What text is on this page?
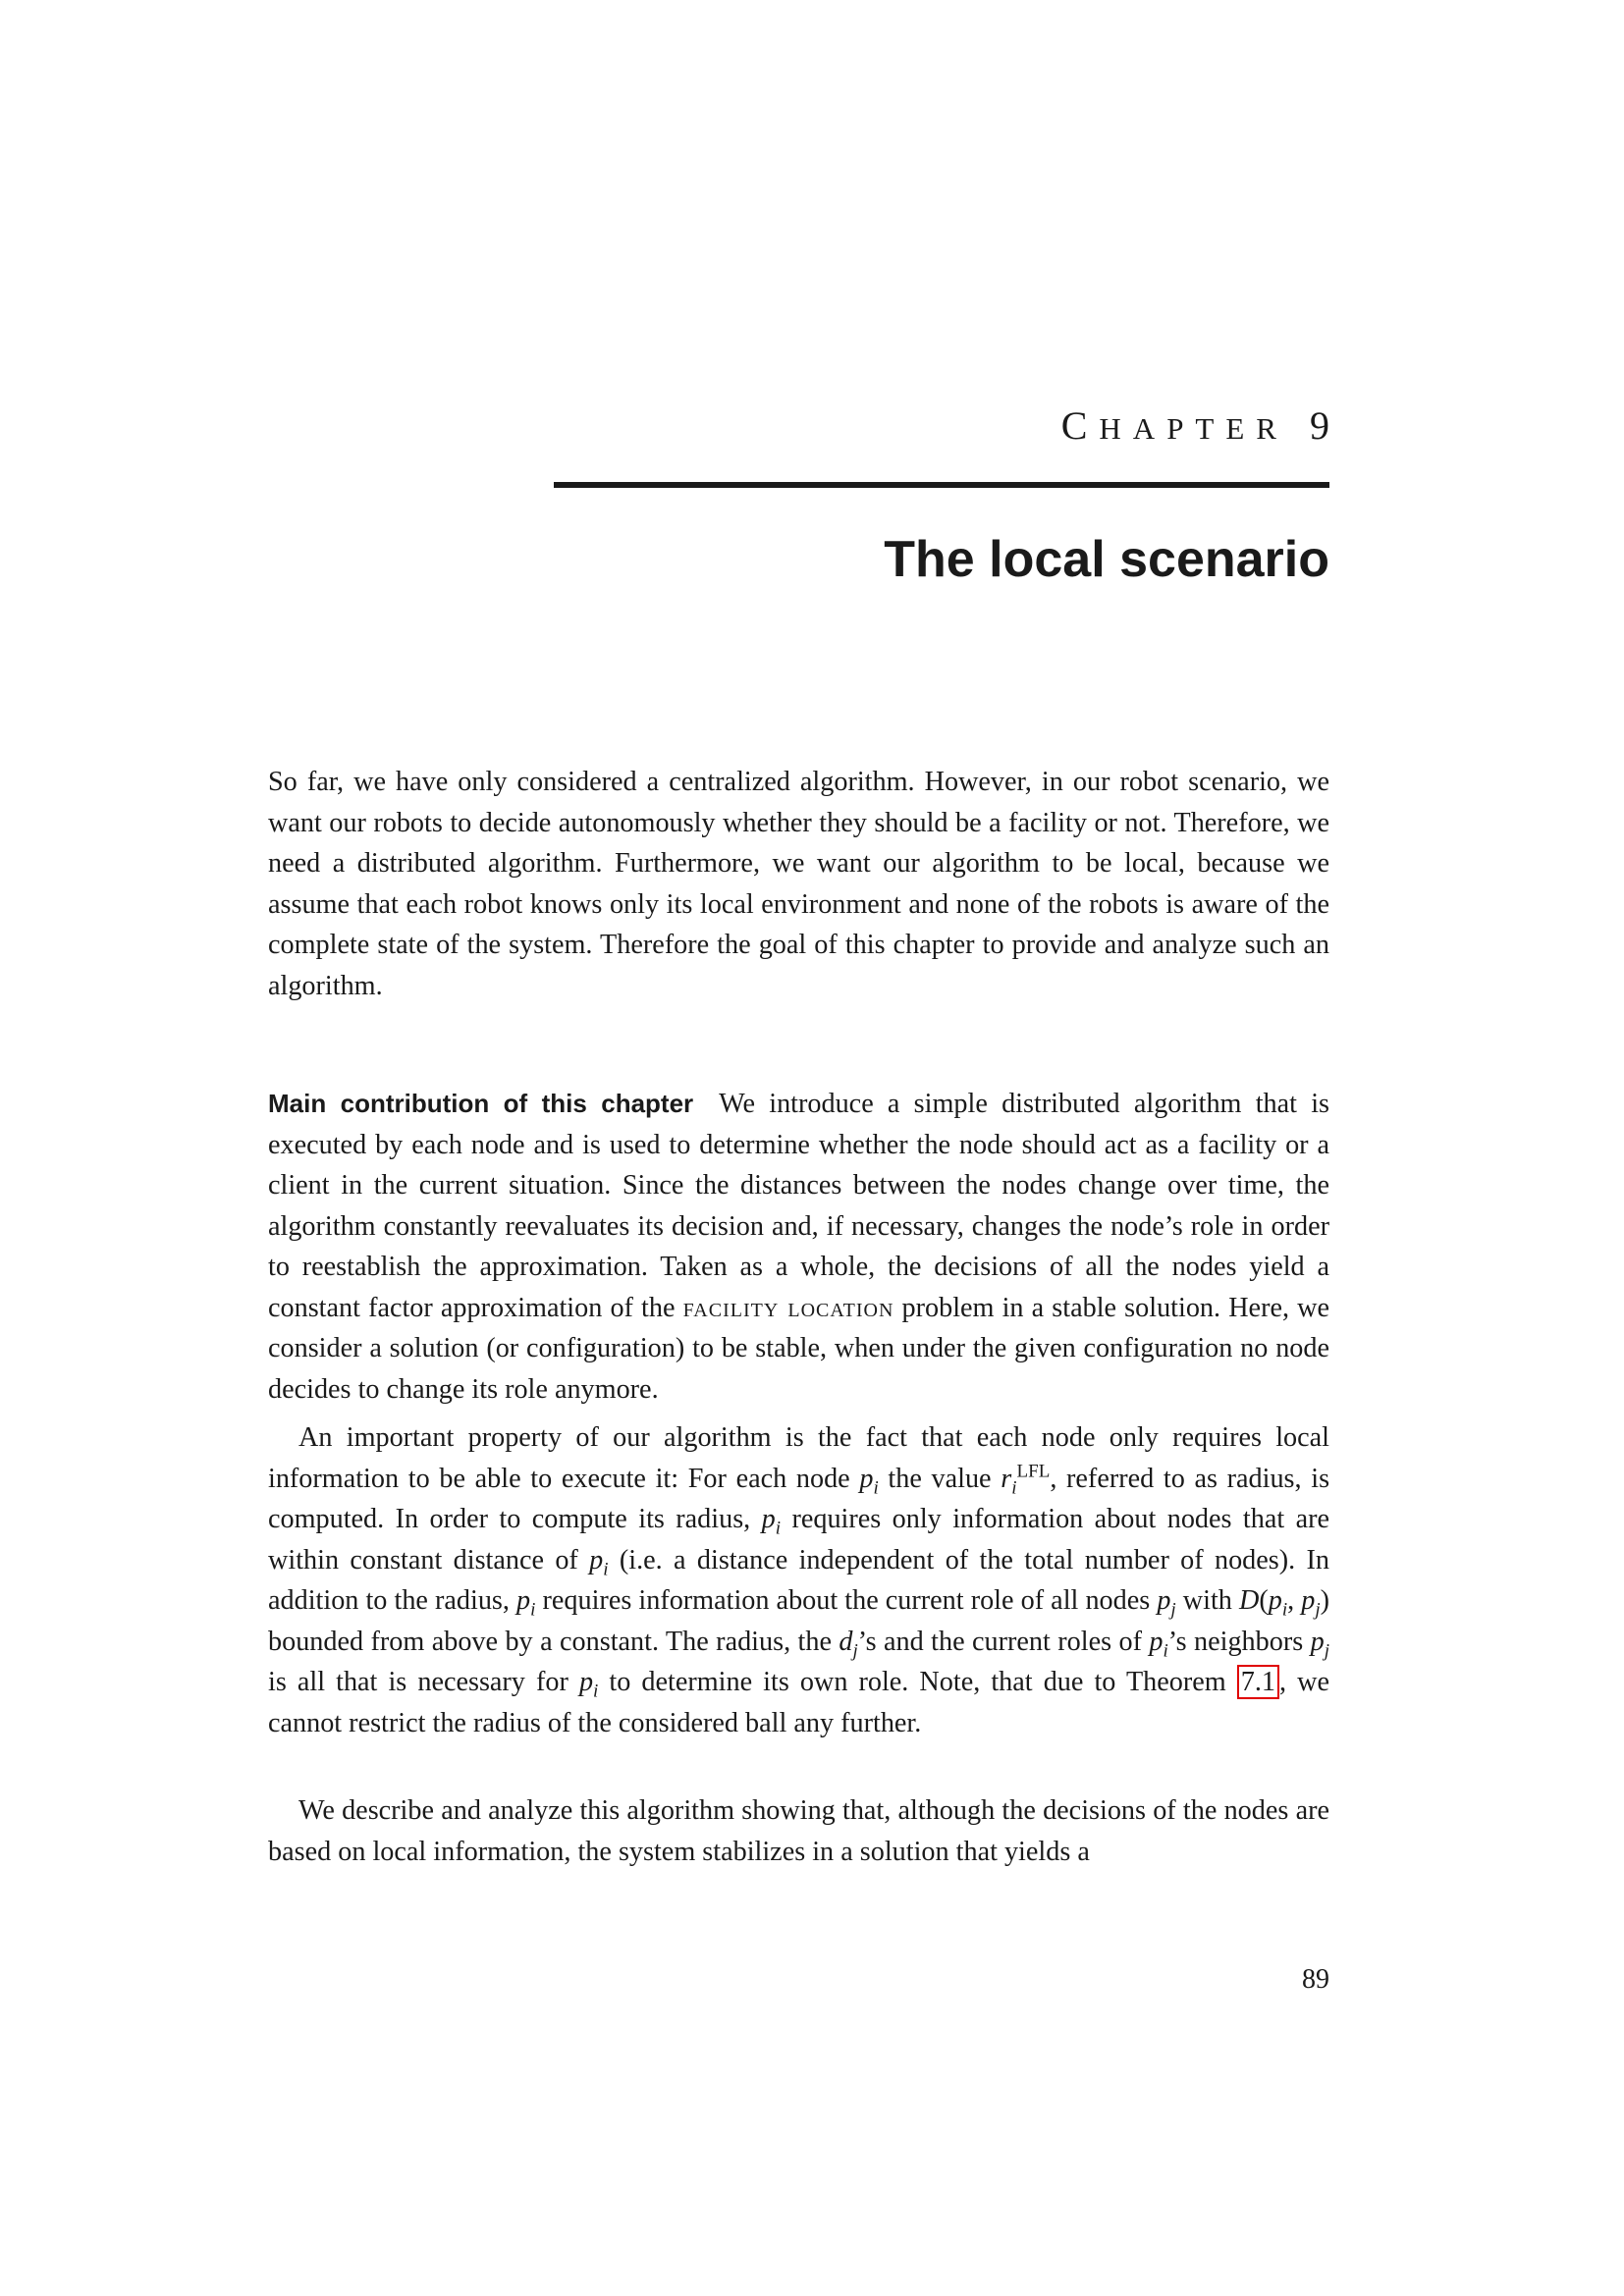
CHAPTER 9
The local scenario

So far, we have only considered a centralized algorithm. However, in our robot scenario, we want our robots to decide autonomously whether they should be a facility or not. Therefore, we need a distributed algorithm. Furthermore, we want our algorithm to be local, because we assume that each robot knows only its local environment and none of the robots is aware of the complete state of the system. Therefore the goal of this chapter to provide and analyze such an algorithm.

Main contribution of this chapter We introduce a simple distributed algorithm that is executed by each node and is used to determine whether the node should act as a facility or a client in the current situation. Since the distances between the nodes change over time, the algorithm constantly reevaluates its decision and, if necessary, changes the node’s role in order to reestablish the approximation. Taken as a whole, the decisions of all the nodes yield a constant factor approximation of the facility location problem in a stable solution. Here, we consider a solution (or configuration) to be stable, when under the given configuration no node decides to change its role anymore.

An important property of our algorithm is the fact that each node only requires local information to be able to execute it: For each node $p_i$ the value $r_i^{LFL}$, referred to as radius, is computed. In order to compute its radius, $p_i$ requires only information about nodes that are within constant distance of $p_i$ (i.e. a distance independent of the total number of nodes). In addition to the radius, $p_i$ requires information about the current role of all nodes $p_j$ with $D(p_i$, $p_j$) bounded from above by a constant. The radius, the $d_j’s$ and the current roles of $p_i’s$ neighbors $p_j$ is all that is necessary for $p_i$ to determine its own role. Note, that due to Theorem 7.1 , we cannot restrict the radius of the considered ball any further.

We describe and analyze this algorithm showing that, although the decisions of the nodes are based on local information, the system stabilizes in a solution that yields a

89
